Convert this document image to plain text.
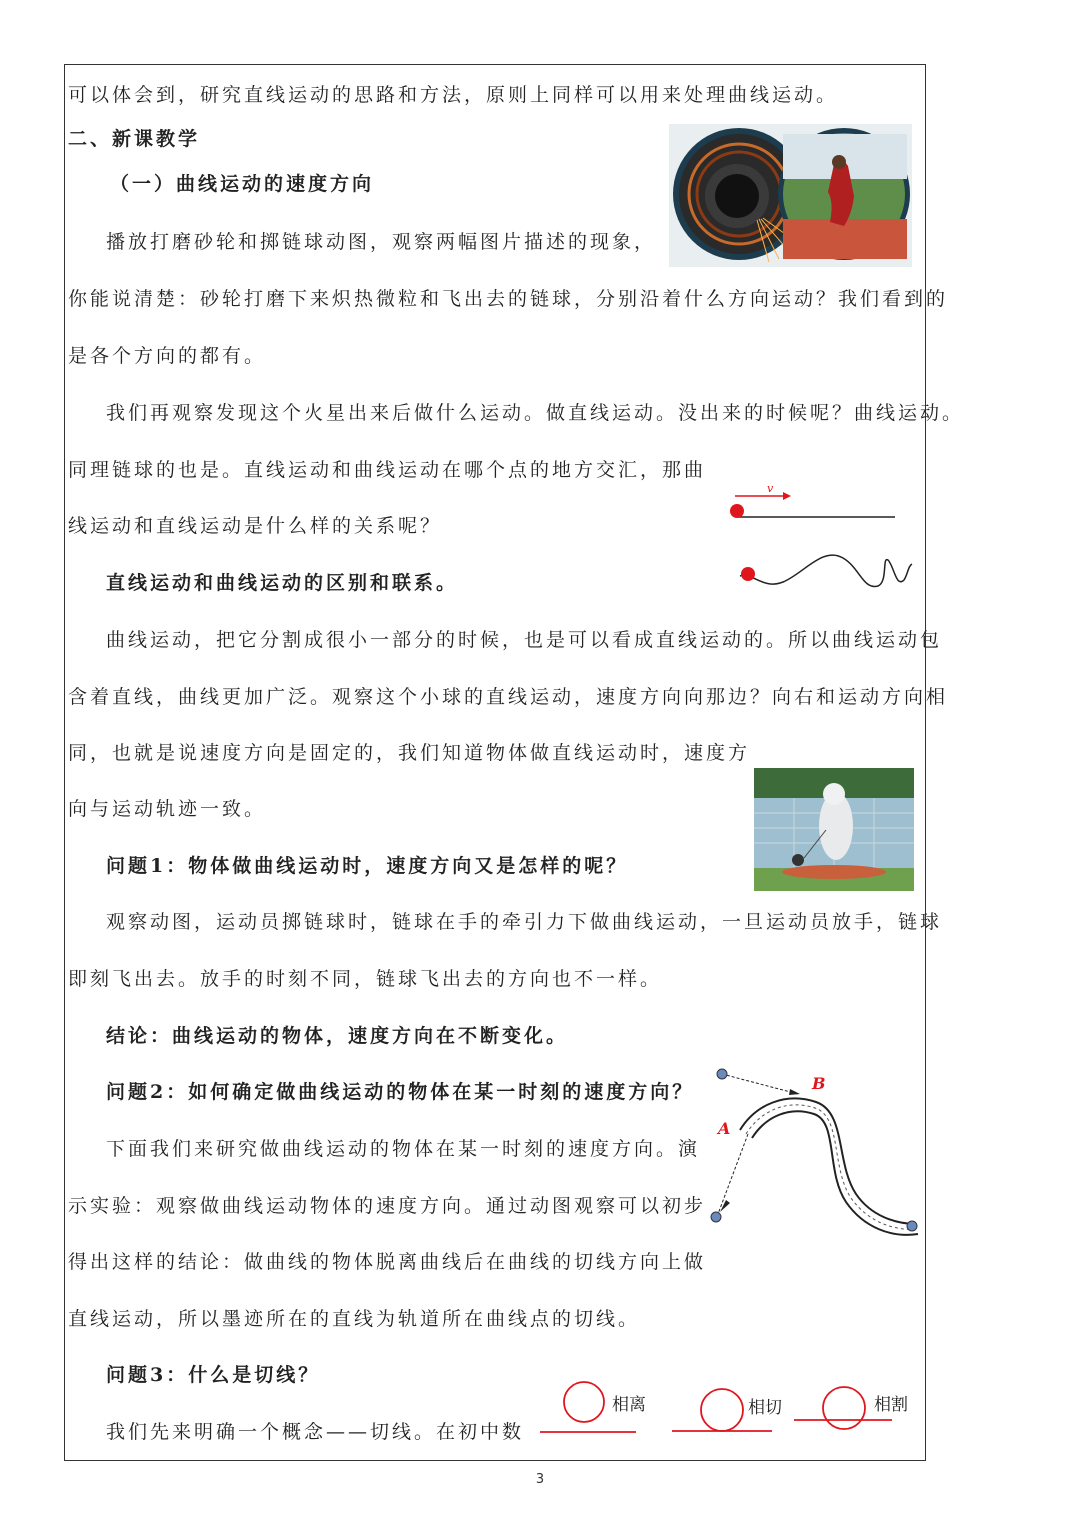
可以体会到，研究直线运动的思路和方法，原则上同样可以用来处理曲线运动。
二、新课教学
（一）曲线运动的速度方向
播放打磨砂轮和掷链球动图，观察两幅图片描述的现象，
你能说清楚：砂轮打磨下来炽热微粒和飞出去的链球，分别沿着什么方向运动？我们看到的
是各个方向的都有。
我们再观察发现这个火星出来后做什么运动。做直线运动。没出来的时候呢？曲线运动。
同理链球的也是。直线运动和曲线运动在哪个点的地方交汇，那曲
线运动和直线运动是什么样的关系呢？
直线运动和曲线运动的区别和联系。
曲线运动，把它分割成很小一部分的时候，也是可以看成直线运动的。所以曲线运动包
含着直线，曲线更加广泛。观察这个小球的直线运动，速度方向向那边？向右和运动方向相
同，也就是说速度方向是固定的，我们知道物体做直线运动时，速度方
向与运动轨迹一致。
问题1：物体做曲线运动时，速度方向又是怎样的呢？
观察动图，运动员掷链球时，链球在手的牵引力下做曲线运动，一旦运动员放手，链球
即刻飞出去。放手的时刻不同，链球飞出去的方向也不一样。
结论：曲线运动的物体，速度方向在不断变化。
问题2：如何确定做曲线运动的物体在某一时刻的速度方向？
下面我们来研究做曲线运动的物体在某一时刻的速度方向。演
示实验：观察做曲线运动物体的速度方向。通过动图观察可以初步
得出这样的结论：做曲线的物体脱离曲线后在曲线的切线方向上做
直线运动，所以墨迹所在的直线为轨道所在曲线点的切线。
问题3：什么是切线？
我们先来明确一个概念——切线。在初中数
v
B
A
相离	相切	相割
3
